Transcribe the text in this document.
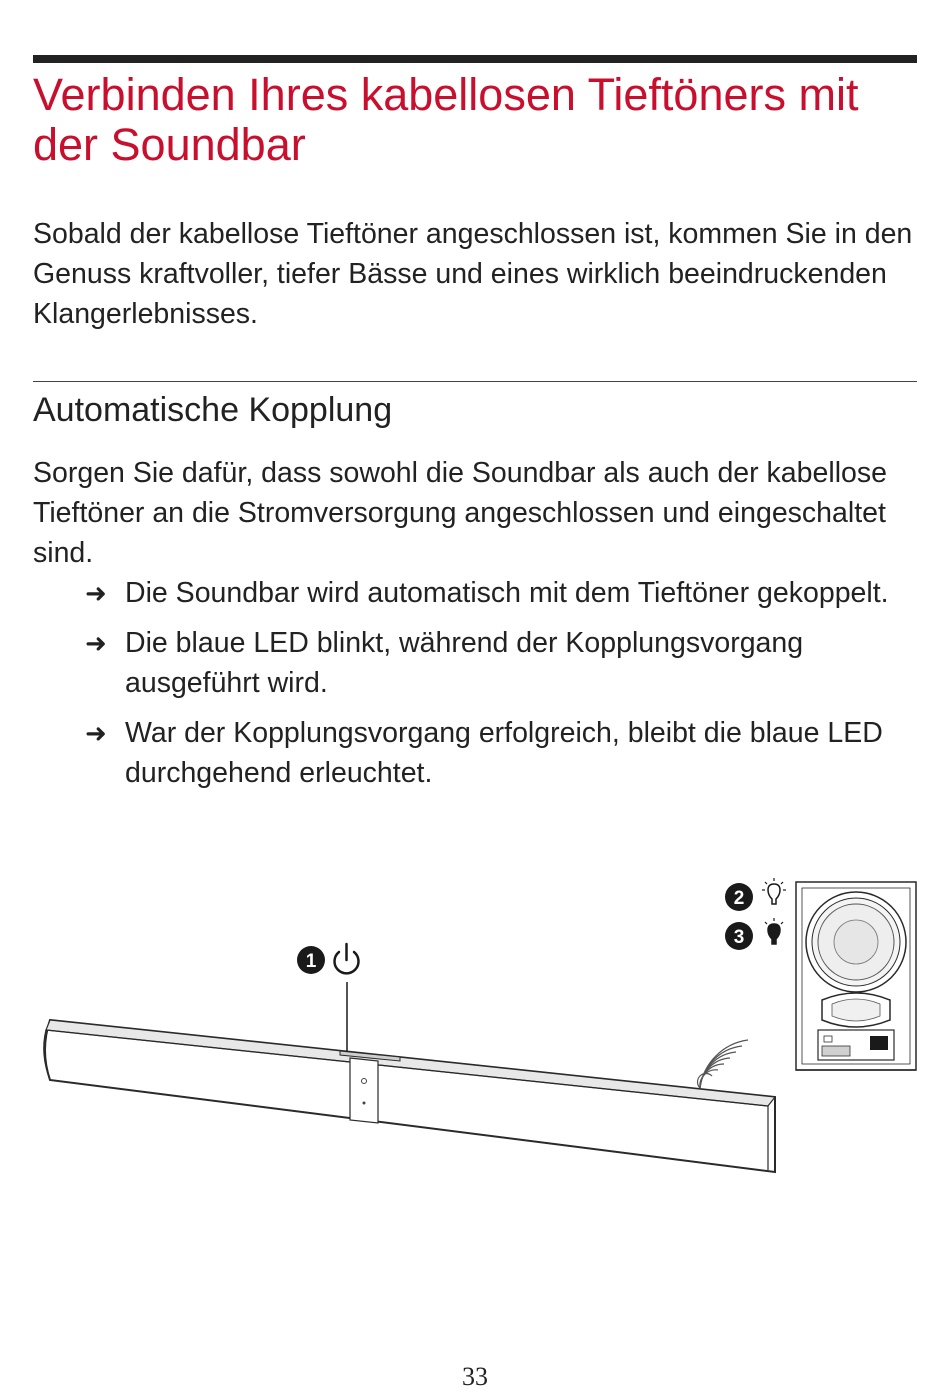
Verbinden Ihres kabellosen Tieftöners mit der Soundbar

Sobald der kabellose Tieftöner angeschlossen ist, kommen Sie in den Genuss kraftvoller, tiefer Bässe und eines wirklich beeindruckenden Klangerlebnisses.

Automatische Kopplung

Sorgen Sie dafür, dass sowohl die Soundbar als auch der kabellose Tieftöner an die Stromversorgung angeschlossen und eingeschaltet sind.

➜ Die Soundbar wird automatisch mit dem Tieftöner gekoppelt.
➜ Die blaue LED blinkt, während der Kopplungsvorgang ausgeführt wird.
➜ War der Kopplungsvorgang erfolgreich, bleibt die blaue LED durchgehend erleuchtet.
1
2
3
33
